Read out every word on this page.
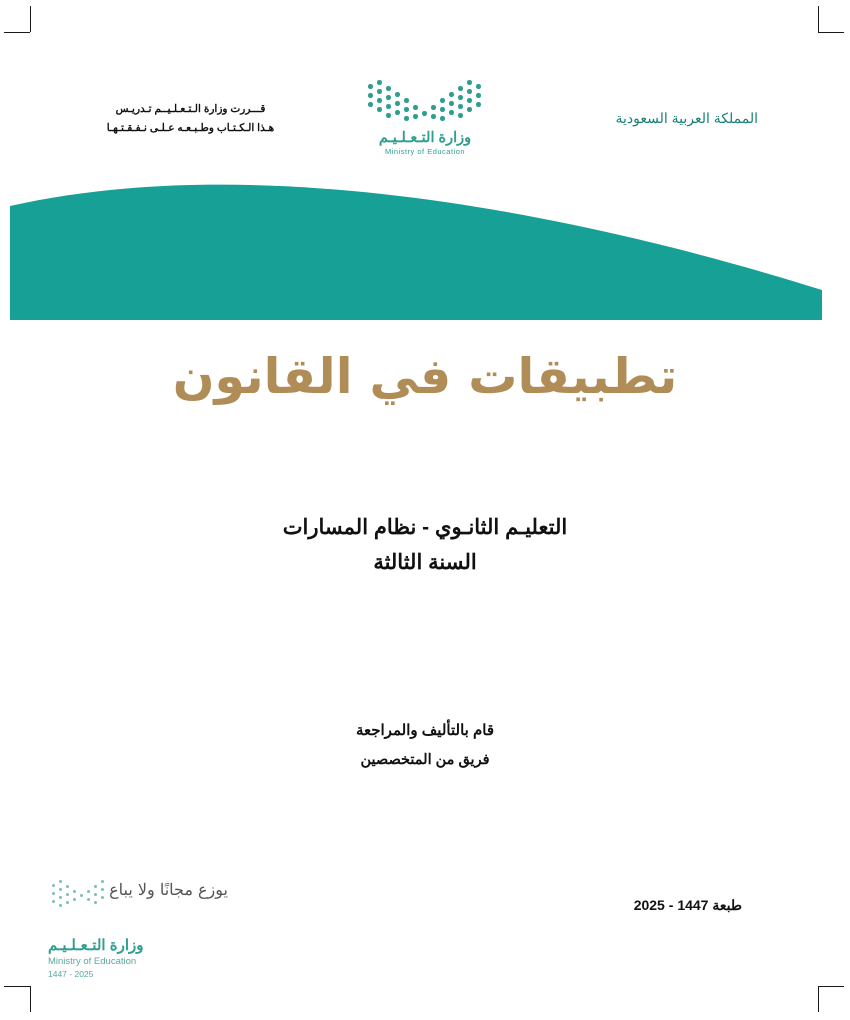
المملكة العربية السعودية
قـــررت وزارة الـتـعـلـيــم تـدريـس
هـذا الـكـتـاب وطـبـعـه عـلـى نـفـقـتـهـا
وزارة التـعـلـيـم
Ministry of Education
تطبيقات في القانون
التعليـم الثانـوي - نظام المسارات
السنة الثالثة
قام بالتأليف والمراجعة
فريق من المتخصصين
طبعة 1447 - 2025
يوزع مجانًا ولا يباع
وزارة التـعـلـيـم
Ministry of Education
1447 - 2025
